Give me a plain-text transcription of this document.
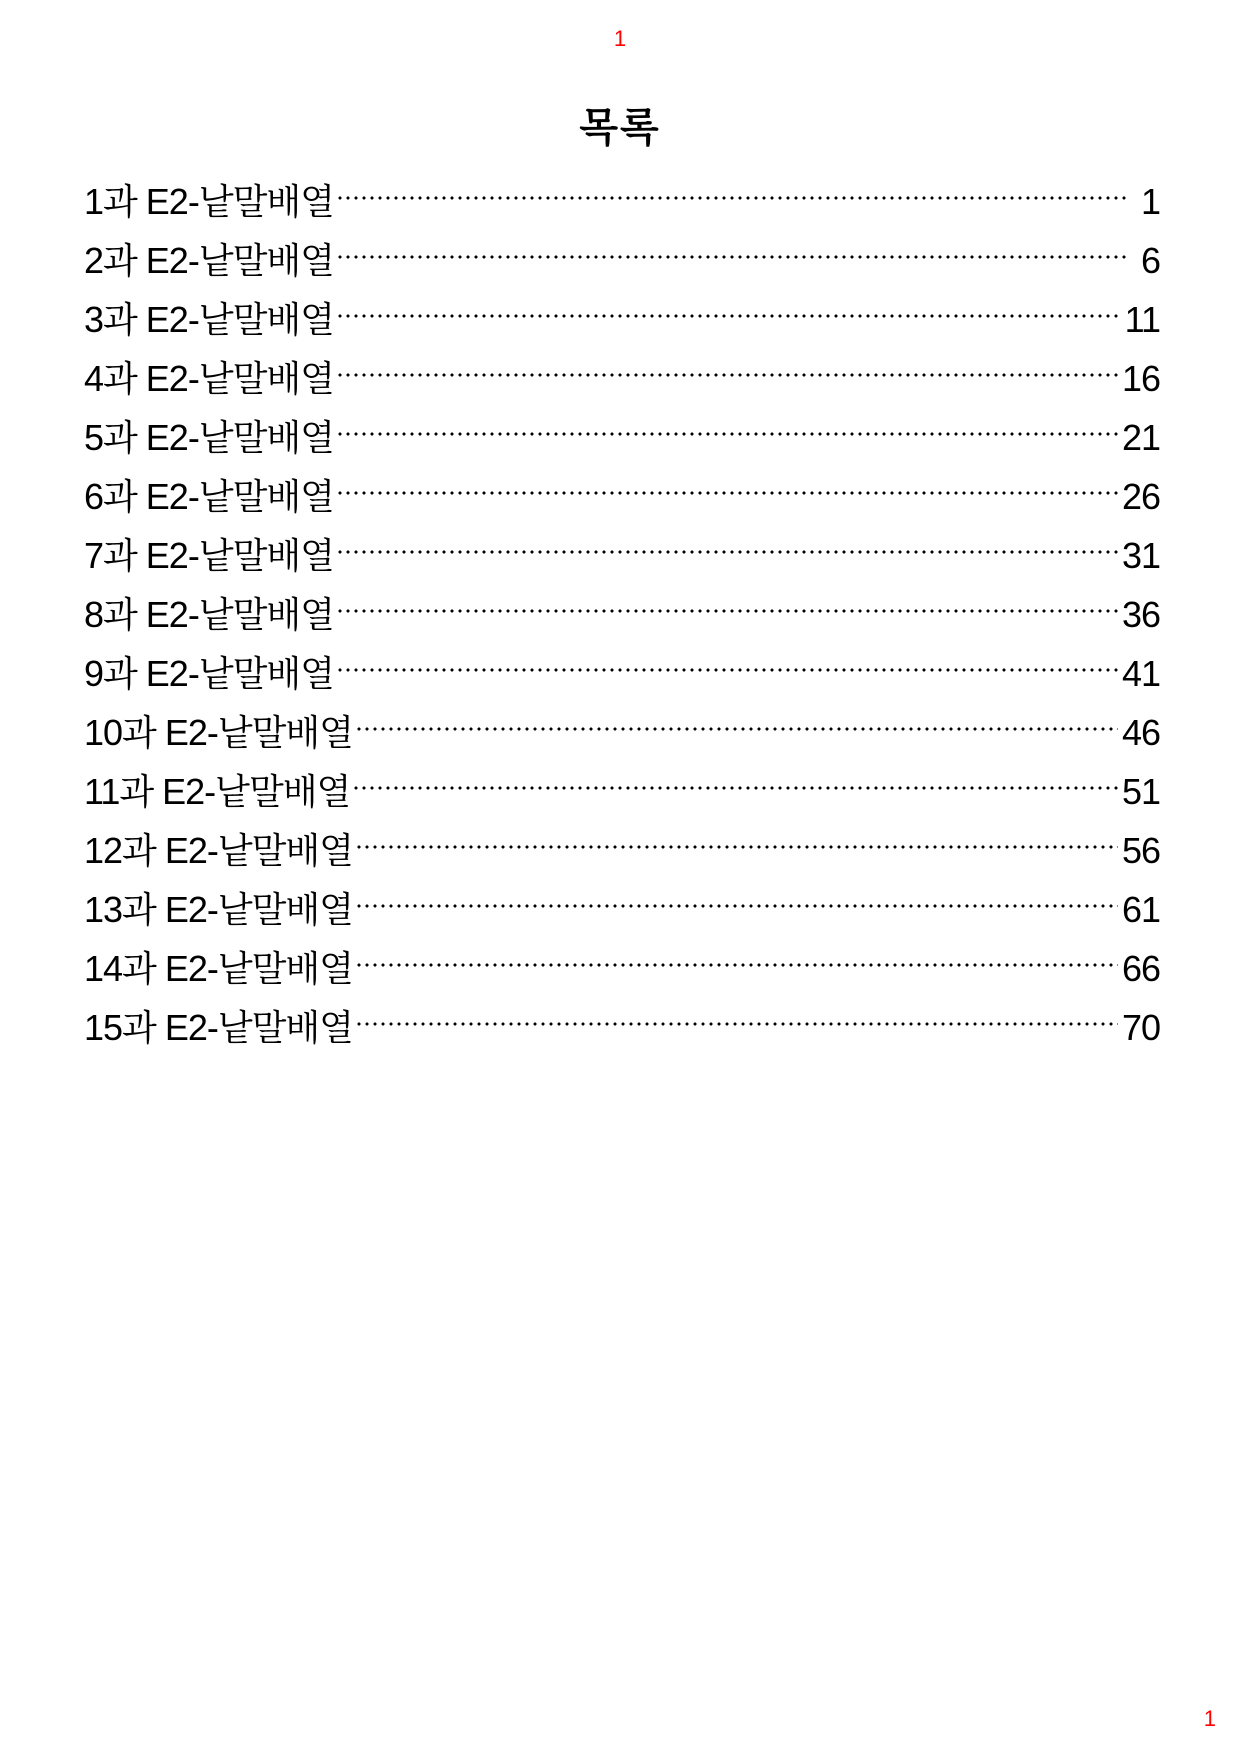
1
목록
1과 E2-낱말배열	1
2과 E2-낱말배열	6
3과 E2-낱말배열	11
4과 E2-낱말배열	16
5과 E2-낱말배열	21
6과 E2-낱말배열	26
7과 E2-낱말배열	31
8과 E2-낱말배열	36
9과 E2-낱말배열	41
10과 E2-낱말배열	46
11과 E2-낱말배열	51
12과 E2-낱말배열	56
13과 E2-낱말배열	61
14과 E2-낱말배열	66
15과 E2-낱말배열	70
1
